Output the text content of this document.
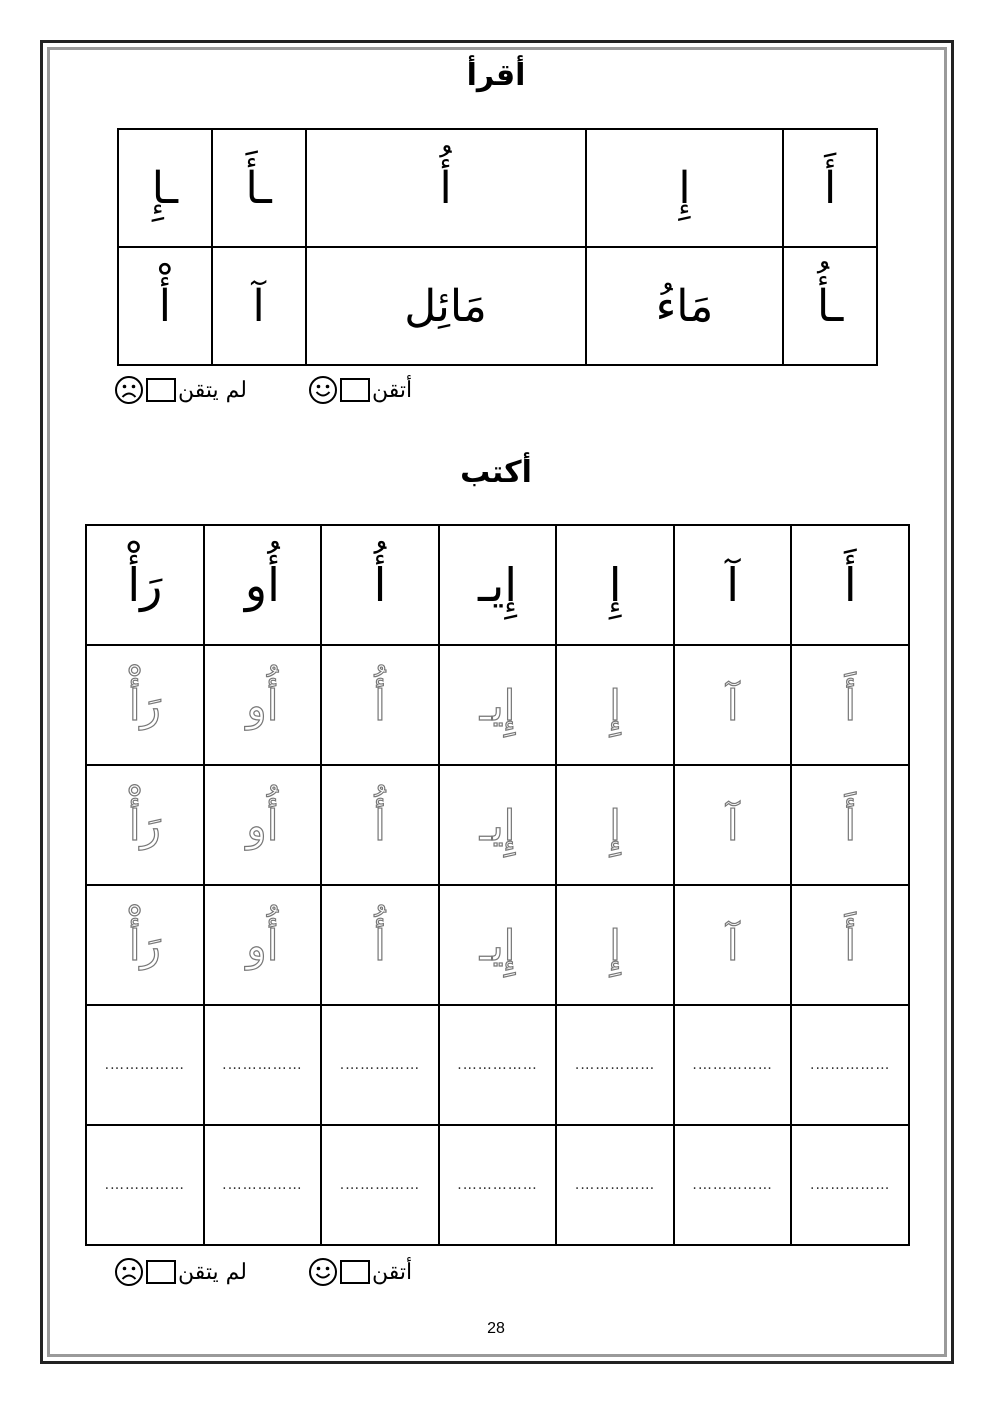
أقرأ
أَ	إِ	أُ	ـأَ	ـإِ
ـأُ	مَاءُ	مَائِل	آ	أْ
أتقن
لم يتقن
أكتب
أَ	آ	إِ	إِيـ	أُ	أُو	رَأْ
أَ	آ	إِ	إِيـ	أُ	أُو	رَأْ
أَ	آ	إِ	إِيـ	أُ	أُو	رَأْ
أَ	آ	إِ	إِيـ	أُ	أُو	رَأْ
…………….	…………….	…………….	…………….	…………….	…………….	…………….
…………….	…………….	…………….	…………….	…………….	…………….	…………….
أتقن
لم يتقن
28
